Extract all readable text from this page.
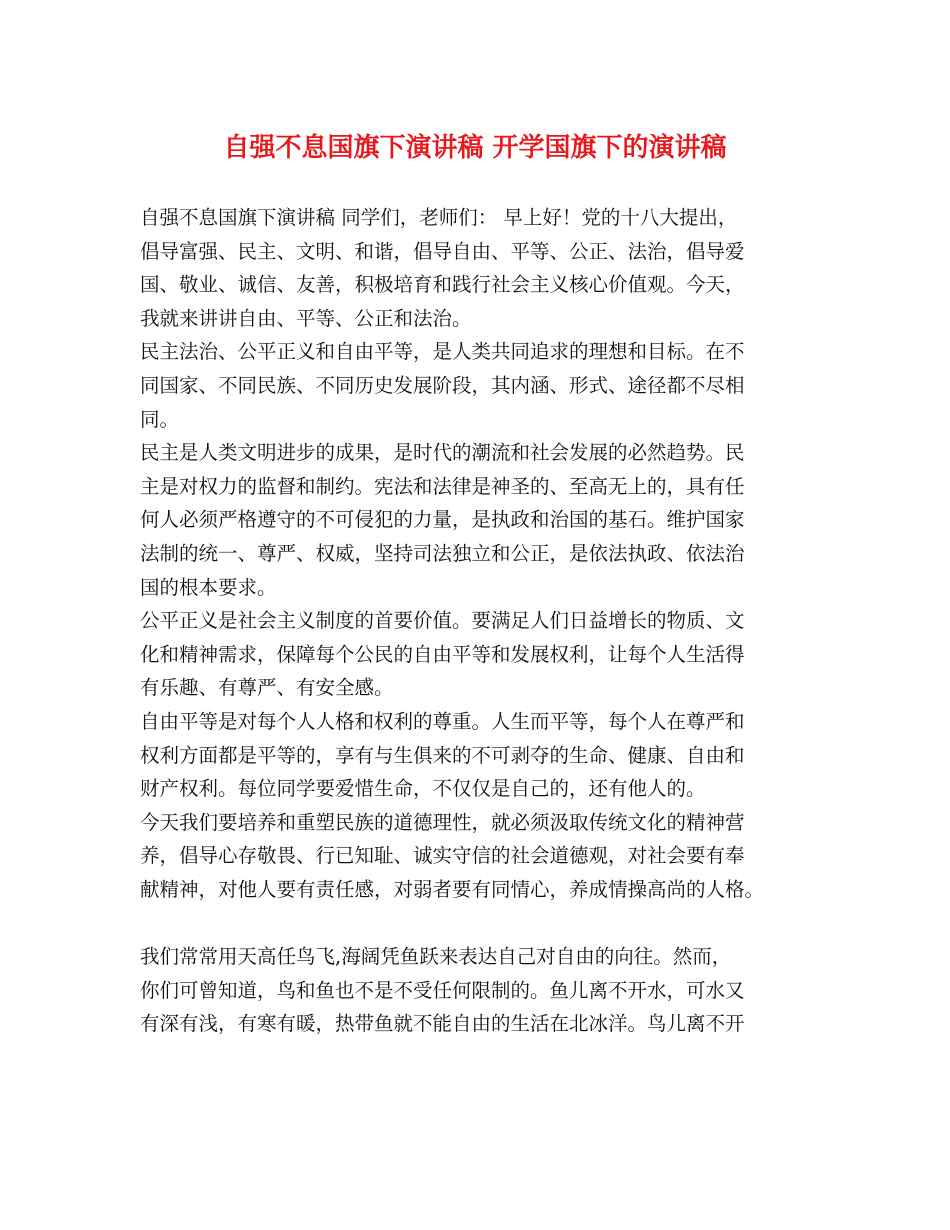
自强不息国旗下演讲稿 开学国旗下的演讲稿
自强不息国旗下演讲稿 同学们，老师们： 早上好！党的十八大提出，
倡导富强、民主、文明、和谐，倡导自由、平等、公正、法治，倡导爱
国、敬业、诚信、友善，积极培育和践行社会主义核心价值观。今天，
我就来讲讲自由、平等、公正和法治。
民主法治、公平正义和自由平等，是人类共同追求的理想和目标。在不
同国家、不同民族、不同历史发展阶段，其内涵、形式、途径都不尽相
同。
民主是人类文明进步的成果，是时代的潮流和社会发展的必然趋势。民
主是对权力的监督和制约。宪法和法律是神圣的、至高无上的，具有任
何人必须严格遵守的不可侵犯的力量，是执政和治国的基石。维护国家
法制的统一、尊严、权威，坚持司法独立和公正，是依法执政、依法治
国的根本要求。
公平正义是社会主义制度的首要价值。要满足人们日益增长的物质、文
化和精神需求，保障每个公民的自由平等和发展权利，让每个人生活得
有乐趣、有尊严、有安全感。
自由平等是对每个人人格和权利的尊重。人生而平等，每个人在尊严和
权利方面都是平等的，享有与生俱来的不可剥夺的生命、健康、自由和
财产权利。每位同学要爱惜生命，不仅仅是自己的，还有他人的。
今天我们要培养和重塑民族的道德理性，就必须汲取传统文化的精神营
养，倡导心存敬畏、行已知耻、诚实守信的社会道德观，对社会要有奉
献精神，对他人要有责任感，对弱者要有同情心，养成情操高尚的人格。
我们常常用天高任鸟飞,海阔凭鱼跃来表达自己对自由的向往。然而，
你们可曾知道，鸟和鱼也不是不受任何限制的。鱼儿离不开水，可水又
有深有浅，有寒有暖，热带鱼就不能自由的生活在北冰洋。鸟儿离不开
